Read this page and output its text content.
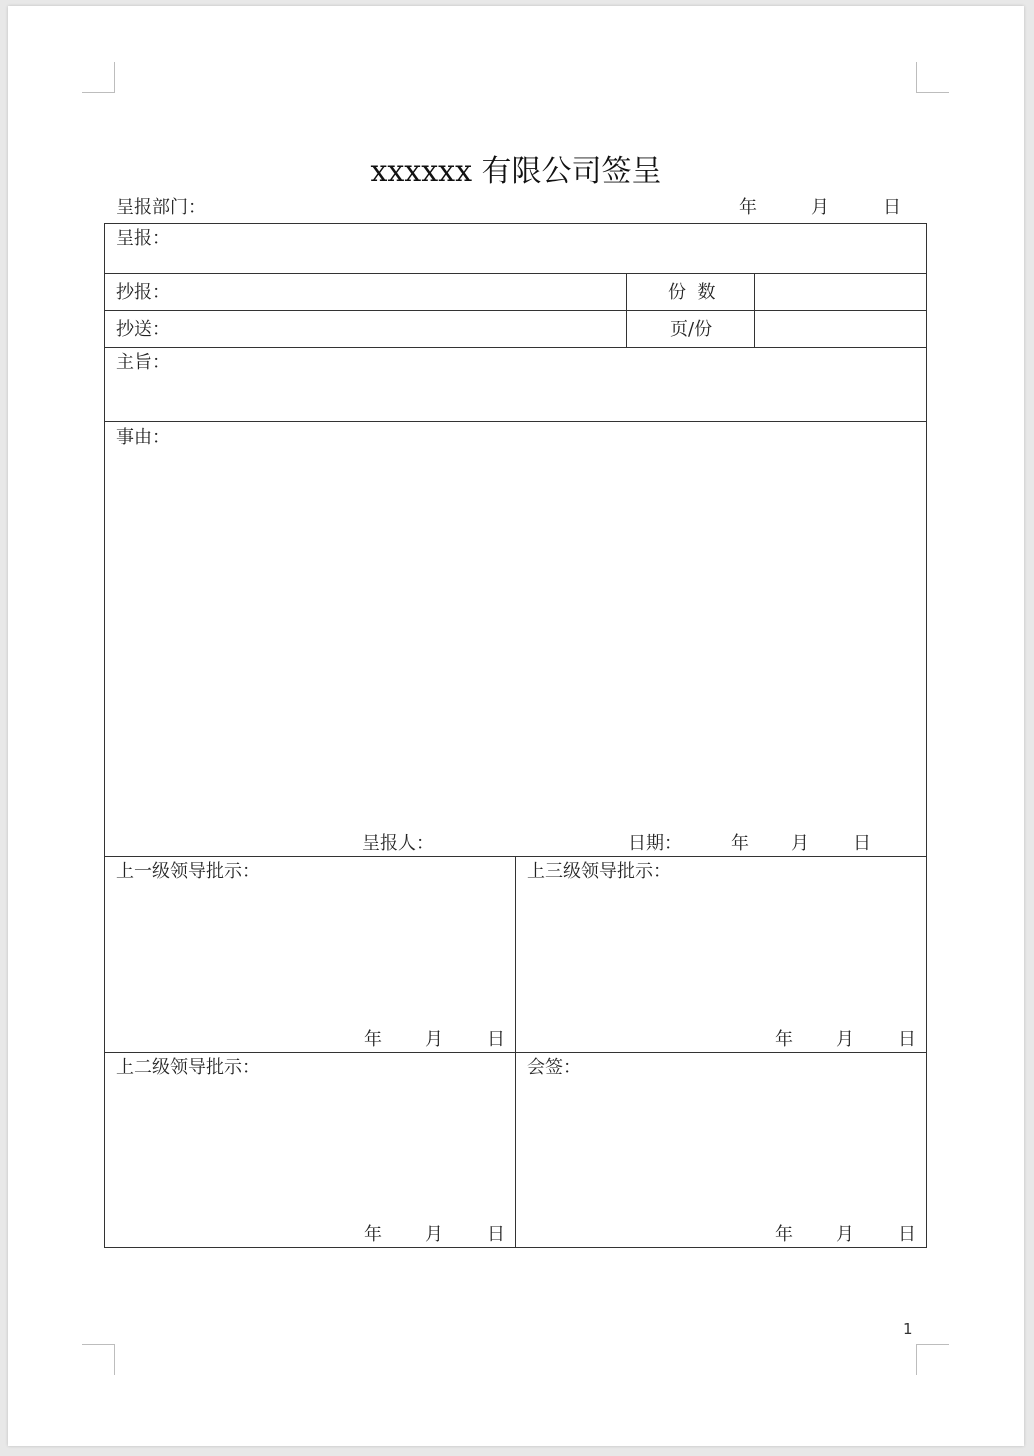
xxxxxx 有限公司签呈
呈报部门：	年	月	日
呈报：
抄报：	份  数
抄送：	页/份
主旨：
事由：
呈报人：	日期：	年 月 日
上一级领导批示：
年 月 日
上三级领导批示：
年 月 日
上二级领导批示：
年 月 日
会签：
年 月 日
1
